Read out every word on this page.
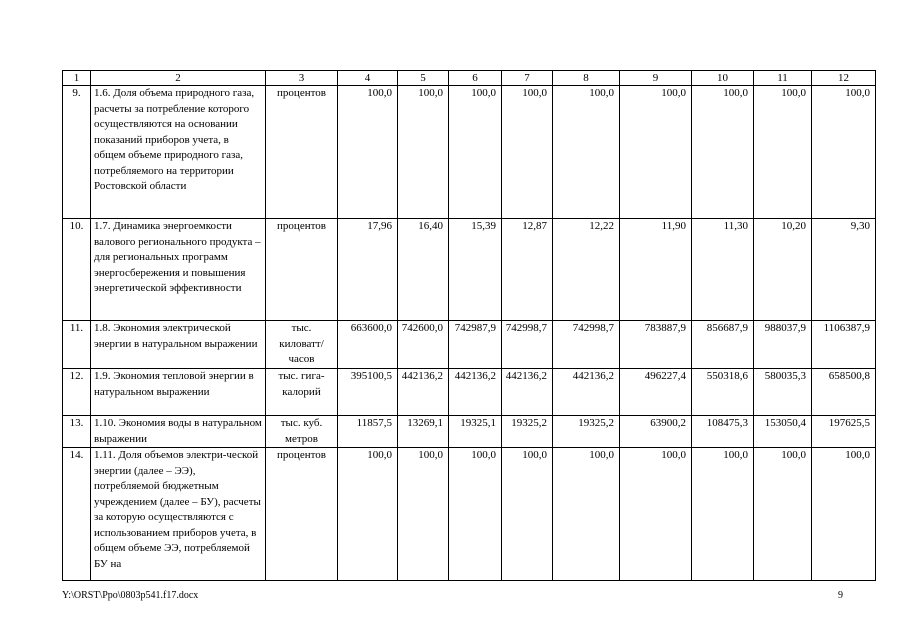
1	2	3	4	5	6	7	8	9	10	11	12
9.	1.6. Доля объема природного газа, расчеты за потребление которого осуществляются на основании показаний приборов учета, в общем объеме природного газа, потребляемого на территории Ростовской области	процентов	100,0	100,0	100,0	100,0	100,0	100,0	100,0	100,0	100,0
10.	1.7. Динамика энергоемкости валового регионального продукта – для региональных программ энергосбережения и повышения энергетической эффективности	процентов	17,96	16,40	15,39	12,87	12,22	11,90	11,30	10,20	9,30
11.	1.8. Экономия электрической энергии в натуральном выражении	тыс. киловатт/ часов	663600,0	742600,0	742987,9	742998,7	742998,7	783887,9	856687,9	988037,9	1106387,9
12.	1.9. Экономия тепловой энергии в натуральном выражении	тыс. гига-калорий	395100,5	442136,2	442136,2	442136,2	442136,2	496227,4	550318,6	580035,3	658500,8
13.	1.10. Экономия воды в натуральном выражении	тыс. куб. метров	11857,5	13269,1	19325,1	19325,2	19325,2	63900,2	108475,3	153050,4	197625,5
14.	1.11. Доля объемов электри-ческой энергии (далее – ЭЭ), потребляемой бюджетным учреждением (далее – БУ), расчеты за которую осуществляются с использованием приборов учета, в общем объеме ЭЭ, потребляемой БУ на	процентов	100,0	100,0	100,0	100,0	100,0	100,0	100,0	100,0	100,0
Y:\ORST\Ppo\0803p541.f17.docx	9
